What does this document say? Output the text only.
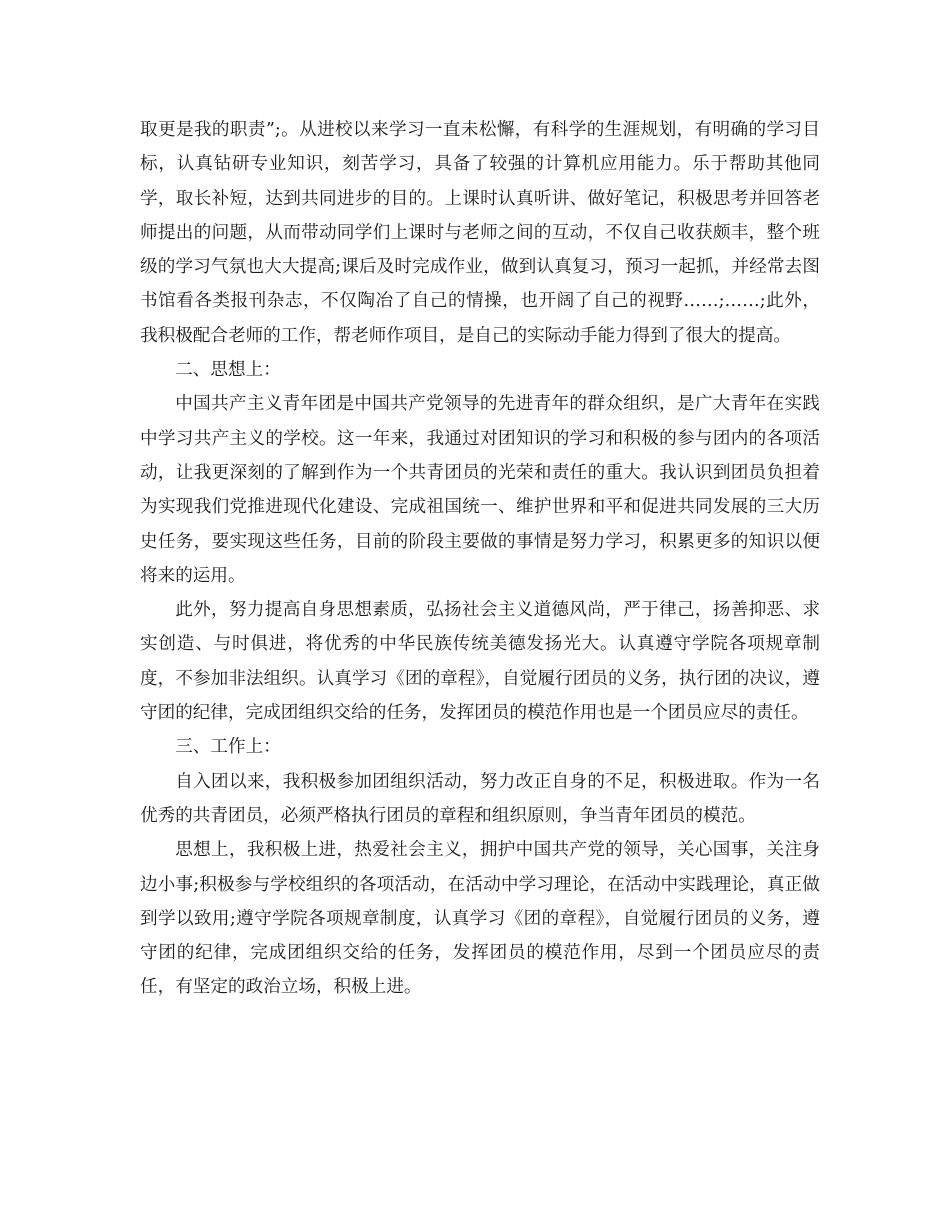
取更是我的职责”;。从进校以来学习一直未松懈，有科学的生涯规划，有明确的学习目标，认真钻研专业知识，刻苦学习，具备了较强的计算机应用能力。乐于帮助其他同学，取长补短，达到共同进步的目的。上课时认真听讲、做好笔记，积极思考并回答老师提出的问题，从而带动同学们上课时与老师之间的互动，不仅自己收获颇丰，整个班级的学习气氛也大大提高;课后及时完成作业，做到认真复习，预习一起抓，并经常去图书馆看各类报刊杂志，不仅陶冶了自己的情操，也开阔了自己的视野……;……;此外，我积极配合老师的工作，帮老师作项目，是自己的实际动手能力得到了很大的提高。

二、思想上：

中国共产主义青年团是中国共产党领导的先进青年的群众组织，是广大青年在实践中学习共产主义的学校。这一年来，我通过对团知识的学习和积极的参与团内的各项活动，让我更深刻的了解到作为一个共青团员的光荣和责任的重大。我认识到团员负担着为实现我们党推进现代化建设、完成祖国统一、维护世界和平和促进共同发展的三大历史任务，要实现这些任务，目前的阶段主要做的事情是努力学习，积累更多的知识以便将来的运用。

此外，努力提高自身思想素质，弘扬社会主义道德风尚，严于律己，扬善抑恶、求实创造、与时俱进，将优秀的中华民族传统美德发扬光大。认真遵守学院各项规章制度，不参加非法组织。认真学习《团的章程》，自觉履行团员的义务，执行团的决议，遵守团的纪律，完成团组织交给的任务，发挥团员的模范作用也是一个团员应尽的责任。

三、工作上：

自入团以来，我积极参加团组织活动，努力改正自身的不足，积极进取。作为一名优秀的共青团员，必须严格执行团员的章程和组织原则，争当青年团员的模范。

思想上，我积极上进，热爱社会主义，拥护中国共产党的领导，关心国事，关注身边小事;积极参与学校组织的各项活动，在活动中学习理论，在活动中实践理论，真正做到学以致用;遵守学院各项规章制度，认真学习《团的章程》，自觉履行团员的义务，遵守团的纪律，完成团组织交给的任务，发挥团员的模范作用，尽到一个团员应尽的责任，有坚定的政治立场，积极上进。
